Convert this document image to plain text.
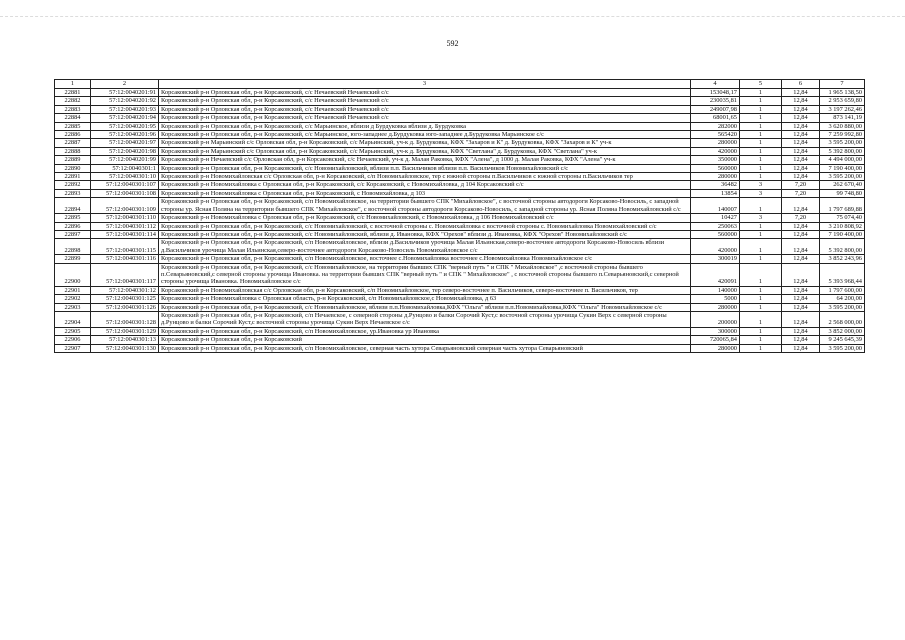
592
1	2	3	4	5	6	7
22881	57:12:0040201:91	Корсаковский р-н Орловская обл, р-н Корсаковский, с/с Нечаевский Нечаевский с/с	153048,17	1	12,84	1 965 138,50
22882	57:12:0040201:92	Корсаковский р-н Орловская обл, р-н Корсаковский, с/с Нечаевский Нечаевский с/с	230035,81	1	12,84	2 953 659,80
22883	57:12:0040201:93	Корсаковский р-н Орловская обл, р-н Корсаковский, с/с Нечаевский Нечаевский с/с	249007,98	1	12,84	3 197 262,46
22884	57:12:0040201:94	Корсаковский р-н Орловская обл, р-н Корсаковский, с/с Нечаевский Нечаевский с/с	68001,65	1	12,84	873 141,19
22885	57:12:0040201:95	Корсаковский р-н Орловская обл, р-н Корсаковский, с/с Марьинское, вблизи д Бурдуковка вблизи д. Бурдуковка	282000	1	12,84	3 620 880,00
22886	57:12:0040201:96	Корсаковский р-н Орловская обл, р-н Корсаковский, с/с Марьинское, юго-западнее д.Бурдуковка юго-западнее д.Бурдуковка Марьинское с/с	565420	1	12,84	7 259 992,80
22887	57:12:0040201:97	Корсаковский р-н Марьинский с/с Орловская обл, р-н Корсаковский, с/с Марьинский, уч-к д. Бурдуковка, КФХ "Захаров и К" д. Бурдуковка, КФХ "Захаров и К" уч-к	280000	1	12,84	3 595 200,00
22888	57:12:0040201:98	Корсаковский р-н Марьинский с/с Орловская обл, р-н Корсаковский, с/с Марьинский, уч-к д. Бурдуковка, КФХ "Светлана" д. Бурдуковка, КФХ "Светлана" уч-к	420000	1	12,84	5 392 800,00
22889	57:12:0040201:99	Корсаковский р-н Нечаевский с/с Орловская обл, р-н Корсаковский, с/с Нечаевский, уч-к д. Малая Раковка, КФХ "Алена", д 1000 д. Малая Раковка, КФХ "Алена" уч-к	350000	1	12,84	4 494 000,00
22890	57:12:0040301:1	Корсаковский р-н Орловская обл, р-н Корсаковский, с/с Новомихайловский, вблизи п.п. Васильчиков вблизи п.п. Васильчиков Новомихайловский с/с	560000	1	12,84	7 190 400,00
22891	57:12:0040301:10	Корсаковский р-н Новомихайловская с/с Орловская обл, р-н Корсаковский, с/п Новомихайловское, тер с южной стороны п.Васильчиков с южной стороны п.Васильчиков тер	280000	1	12,84	3 595 200,00
22892	57:12:0040301:107	Корсаковский р-н Новомихайловка с Орловская обл, р-н Корсаковский, с/с Корсаковский, с Новомихайловка, д 104 Корсаковский с/с	36482	3	7,20	262 670,40
22893	57:12:0040301:108	Корсаковский р-н Новомихайловка с Орловская обл, р-н Корсаковский, с Новомихайловка, д 103	13854	3	7,20	99 748,80
22894	57:12:0040301:109	Корсаковский р-н Орловская обл, р-н Корсаковский, с/п Новомихайловское, на территории бывшего СПК "Михайловское", с восточной стороны автодороги Корсаково-Новосиль, с западной стороны ур. Ясная Поляна на территории бывшего СПК "Михайловское", с восточной стороны автодороги Корсаково-Новосиль, с западной стороны ур. Ясная Поляна Новомихайловский с/с	140007	1	12,84	1 797 689,88
22895	57:12:0040301:110	Корсаковский р-н Новомихайловка с Орловская обл, р-н Корсаковский, с/с Новомихайловский, с Новомихайловка, д 106 Новомихайловский с/с	10427	3	7,20	75 074,40
22896	57:12:0040301:112	Корсаковский р-н Орловская обл, р-н Корсаковский, с/с Новомихайловский, с восточной стороны с. Новомихайловка с восточной стороны с. Новомихайловка Новомихайловский с/с	250063	1	12,84	3 210 808,92
22897	57:12:0040301:114	Корсаковский р-н Орловская обл, р-н Корсаковский, с/с Новомихайловский, вблизи д. Ивановка, КФХ "Орехов" вблизи д. Ивановка, КФХ "Орехов" Новомихайловский с/с	560000	1	12,84	7 190 400,00
22898	57:12:0040301:115	Корсаковский р-н Орловская обл, р-н Корсаковский, с/п Новомихайловское, вблизи д.Васильчиков урочища Малая Ильинская,северо-восточнее автодороги Корсаково-Новосиль вблизи д.Васильчиков урочища Малая Ильинская,северо-восточнее автодороги Корсаково-Новосиль Новомихайловское с/с	420000	1	12,84	5 392 800,00
22899	57:12:0040301:116	Корсаковский р-н Орловская обл, р-н Корсаковский, с/п Новомихайловское, восточнее с.Новомихайловка восточнее с.Новомихайловка Новомихайловское с/с	300019	1	12,84	3 852 243,96
22900	57:12:0040301:117	Корсаковский р-н Орловская обл, р-н Корсаковский, с/с Новомихайловское, на территории бывших СПК "верный путь " и СПК " Михайловское" ,с восточной стороны бывшего п.Севарьяновский,с северной стороны урочища Ивановка. на территории бывших СПК "верный путь " и СПК " Михайловское" , с восточной стороны бывшего п.Севарьяновский,с северной стороны урочища Ивановка. Новомихайловское с/с	420091	1	12,84	5 393 968,44
22901	57:12:0040301:12	Корсаковский р-н Новомихайловская с/с Орловская обл, р-н Корсаковский, с/п Новомихайловское, тер северо-восточнее п. Васильчиков, северо-восточнее п. Васильчиков, тер	140000	1	12,84	1 797 600,00
22902	57:12:0040301:125	Корсаковский р-н Новомихайловка с Орловская область, р-н Корсаковский, с/п Новомихайловское,с Новомихайловка, д 63	5000	1	12,84	64 200,00
22903	57:12:0040301:126	Корсаковский р-н Орловская обл, р-н Корсаковский, с/с Новомихайловское, вблизи п.п.Новомихайловка,КФХ "Ольга" вблизи п.п.Новомихайловка,КФХ "Ольга" Новомихайловское с/с	280000	1	12,84	3 595 200,00
22904	57:12:0040301:128	Корсаковский р-н Орловская обл, р-н Корсаковский, с/п Нечаевское, с северной стороны д.Рунцово и балки Сорочий Куст,с восточной стороны урочища Сукин Верх с северной стороны д.Рунцово и балки Сорочий Куст,с восточной стороны урочища Сукин Верх Нечаевское с/с	200000	1	12,84	2 568 000,00
22905	57:12:0040301:129	Корсаковский р-н Орловская обл, р-н Корсаковский, с/п Новомихайловское, ур.Ивановка ур Ивановка	300000	1	12,84	3 852 000,00
22906	57:12:0040301:13	Корсаковский р-н Орловская обл, р-н Корсаковский	720065,84	1	12,84	9 245 645,39
22907	57:12:0040301:130	Корсаковский р-н Орловская обл, р-н Корсаковский, с/п Новомихайловское, северная часть хутора Севарьяновский северная часть хутора Севарьяновский	280000	1	12,84	3 595 200,00
